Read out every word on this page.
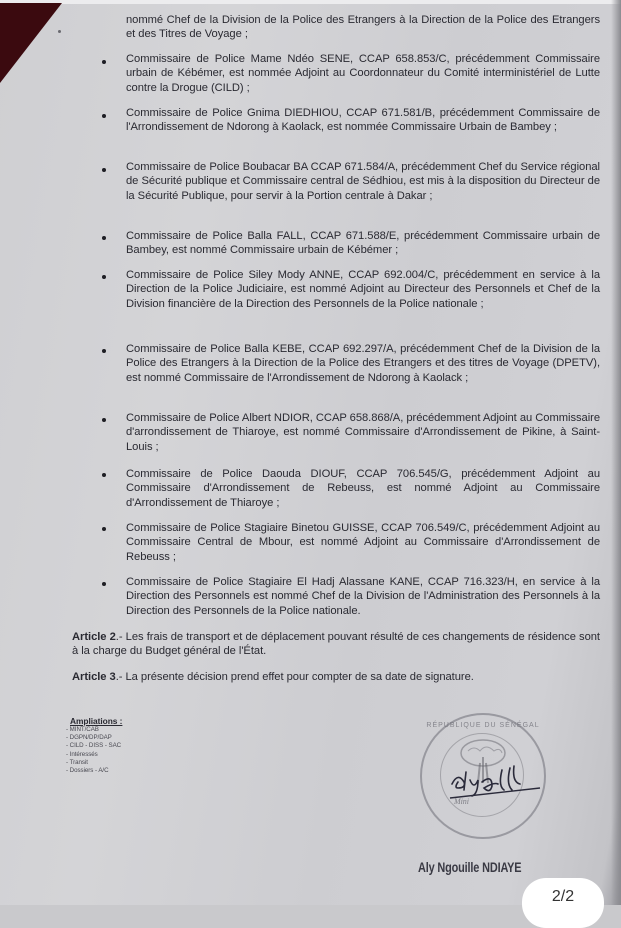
nommé Chef de la Division de la Police des Etrangers à la Direction de la Police des Etrangers et des Titres de Voyage ;
Commissaire de Police Mame Ndéo SENE, CCAP 658.853/C, précédemment Commissaire urbain de Kébémer, est nommée Adjoint au Coordonnateur du Comité interministériel de Lutte contre la Drogue (CILD) ;
Commissaire de Police Gnima DIEDHIOU, CCAP 671.581/B, précédemment Commissaire de l'Arrondissement de Ndorong à Kaolack, est nommée Commissaire Urbain de Bambey ;
Commissaire de Police Boubacar BA CCAP 671.584/A, précédemment Chef du Service régional de Sécurité publique et Commissaire central de Sédhiou, est mis à la disposition du Directeur de la Sécurité Publique, pour servir à la Portion centrale à Dakar ;
Commissaire de Police Balla FALL, CCAP 671.588/E, précédemment Commissaire urbain de Bambey, est nommé Commissaire urbain de Kébémer ;
Commissaire de Police Siley Mody ANNE, CCAP 692.004/C, précédemment en service à la Direction de la Police Judiciaire, est nommé Adjoint au Directeur des Personnels et Chef de la Division financière de la Direction des Personnels de la Police nationale ;
Commissaire de Police Balla KEBE, CCAP 692.297/A, précédemment Chef de la Division de la Police des Etrangers à la Direction de la Police des Etrangers et des titres de Voyage (DPETV), est nommé Commissaire de l'Arrondissement de Ndorong à Kaolack ;
Commissaire de Police Albert NDIOR, CCAP 658.868/A, précédemment Adjoint au Commissaire d'arrondissement de Thiaroye, est nommé Commissaire d'Arrondissement de Pikine, à Saint-Louis ;
Commissaire de Police Daouda DIOUF, CCAP 706.545/G, précédemment Adjoint au Commissaire d'Arrondissement de Rebeuss, est nommé Adjoint au Commissaire d'Arrondissement de Thiaroye ;
Commissaire de Police Stagiaire Binetou GUISSE, CCAP 706.549/C, précédemment Adjoint au Commissaire Central de Mbour, est nommé Adjoint au Commissaire d'Arrondissement de Rebeuss ;
Commissaire de Police Stagiaire El Hadj Alassane KANE, CCAP 716.323/H, en service à la Direction des Personnels est nommé Chef de la Division de l'Administration des Personnels à la Direction des Personnels de la Police nationale.
Article 2.- Les frais de transport et de déplacement pouvant résulté de ces changements de résidence sont à la charge du Budget général de l'État.
Article 3.- La présente décision prend effet pour compter de sa date de signature.
Ampliations :
- MINT/CAB
- DGPN/DP/DAP
- CILD - DISS - SAC
- Intéressés
- Transit
- Dossiers - A/C
RÉPUBLIQUE DU SÉNÉGAL
Mini
Aly Ngouille NDIAYE
2/2
